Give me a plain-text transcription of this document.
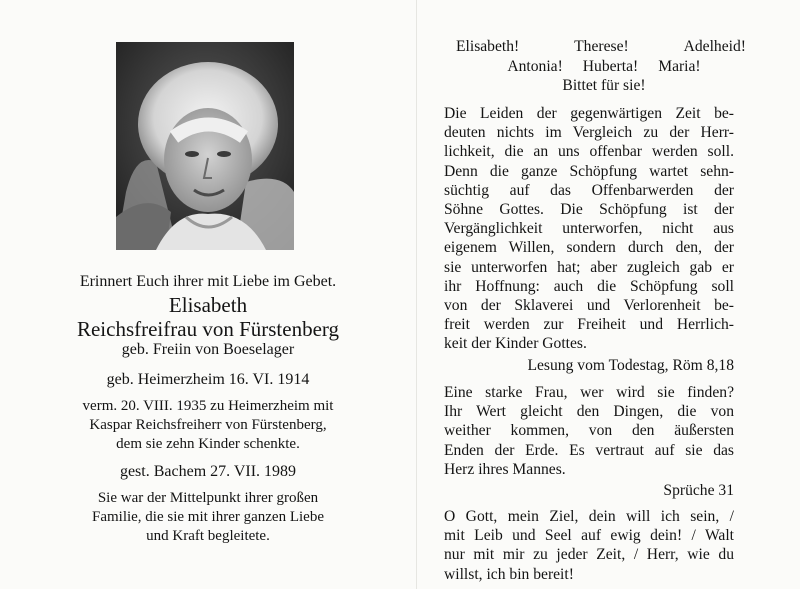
Erinnert Euch ihrer mit Liebe im Gebet.

Elisabeth

Reichsfreifrau von Fürstenberg

geb. Freiin von Boeselager

geb. Heimerzheim 16. VI. 1914

verm. 20. VIII. 1935 zu Heimerzheim mit

Kaspar Reichsfreiherr von Fürstenberg,

dem sie zehn Kinder schenkte.

gest. Bachem 27. VII. 1989

Sie war der Mittelpunkt ihrer großen

Familie, die sie mit ihrer ganzen Liebe

und Kraft begleitete.

Elisabeth!	Therese!	Adelheid!
Antonia! Huberta! Maria!
Bittet für sie!
Die Leiden der gegenwärtigen Zeit be-
deuten nichts im Vergleich zu der Herr-
lichkeit, die an uns offenbar werden soll.
Denn die ganze Schöpfung wartet sehn-
süchtig auf das Offenbarwerden der
Söhne Gottes. Die Schöpfung ist der
Vergänglichkeit unterworfen, nicht aus
eigenem Willen, sondern durch den, der
sie unterworfen hat; aber zugleich gab er
ihr Hoffnung: auch die Schöpfung soll
von der Sklaverei und Verlorenheit be-
freit werden zur Freiheit und Herrlich-
keit der Kinder Gottes.

Lesung vom Todestag, Röm 8,18

Eine starke Frau, wer wird sie finden?
Ihr Wert gleicht den Dingen, die von
weither kommen, von den äußersten
Enden der Erde. Es vertraut auf sie das
Herz ihres Mannes.

Sprüche 31

O Gott, mein Ziel, dein will ich sein, /
mit Leib und Seel auf ewig dein! / Walt
nur mit mir zu jeder Zeit, / Herr, wie du
willst, ich bin bereit!
